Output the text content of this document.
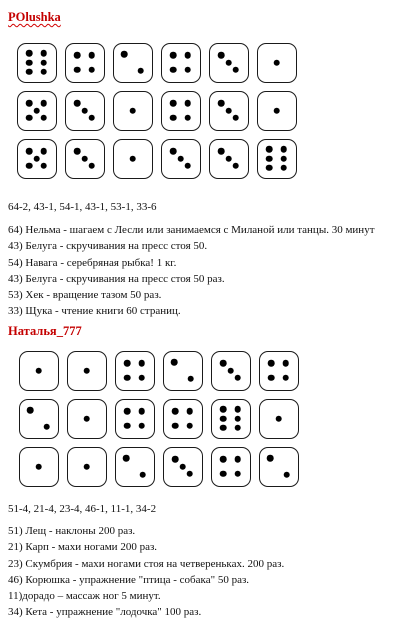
POlushka
64-2, 43-1, 54-1, 43-1, 53-1, 33-6
64) Нельма - шагаем с Лесли или занимаемся с Миланой или танцы. 30 минут
43) Белуга - скручивания на пресс стоя 50.
54) Навага - серебряная рыбка! 1 кг.
43) Белуга - скручивания на пресс стоя 50 раз.
53) Хек - вращение тазом 50 раз.
33) Щука - чтение книги 60 страниц.
Наталья_777
51-4, 21-4, 23-4, 46-1, 11-1, 34-2
51) Лещ - наклоны 200 раз.
21) Карп - махи ногами 200 раз.
23) Скумбрия - махи ногами стоя на четвереньках. 200 раз.
46) Корюшка - упражнение "птица - собака" 50 раз.
11)дорадо – массаж ног 5 минут.
34) Кета - упражнение "лодочка" 100 раз.
